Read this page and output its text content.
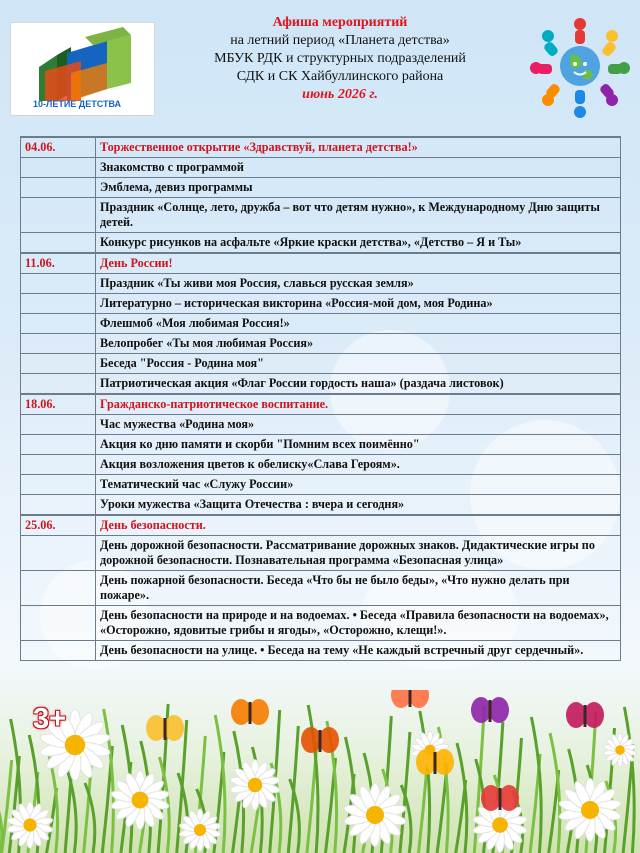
10-ЛЕТИЕ ДЕТСТВА
Афиша мероприятий
на летний период «Планета детства»
МБУК РДК и структурных подразделений
СДК и СК Хайбуллинского района
июнь 2026 г.
04.06.	Торжественное открытие «Здравствуй, планета детства!»
	Знакомство с программой
	Эмблема, девиз программы
	Праздник «Солнце, лето, дружба – вот что детям нужно», к Международному Дню защиты детей.
	Конкурс рисунков на асфальте «Яркие краски детства», «Детство – Я и Ты»
11.06.	День России!
	Праздник «Ты живи моя Россия, славься русская земля»
	Литературно – историческая викторина «Россия-мой дом, моя Родина»
	Флешмоб «Моя любимая Россия!»
	Велопробег «Ты моя любимая Россия»
	Беседа "Россия - Родина моя"
	Патриотическая акция «Флаг России гордость наша» (раздача листовок)
18.06.	Гражданско-патриотическое воспитание.
	Час мужества «Родина моя»
	Акция ко дню памяти и скорби "Помним всех поимённо"
	Акция возложения цветов к обелиску«Слава Героям».
	Тематический час «Служу России»
	Уроки мужества «Защита Отечества : вчера и сегодня»
25.06.	День безопасности.
	День дорожной безопасности. Рассматривание дорожных знаков. Дидактические игры по дорожной безопасности. Познавательная программа «Безопасная улица»
	День пожарной безопасности. Беседа «Что бы не было беды», «Что нужно делать при пожаре».
	День безопасности на природе и на водоемах. • Беседа «Правила безопасности на водоемах», «Осторожно, ядовитые грибы и ягоды», «Осторожно, клещи!».
	День безопасности на улице. • Беседа на тему «Не каждый встречный друг сердечный».
3+
